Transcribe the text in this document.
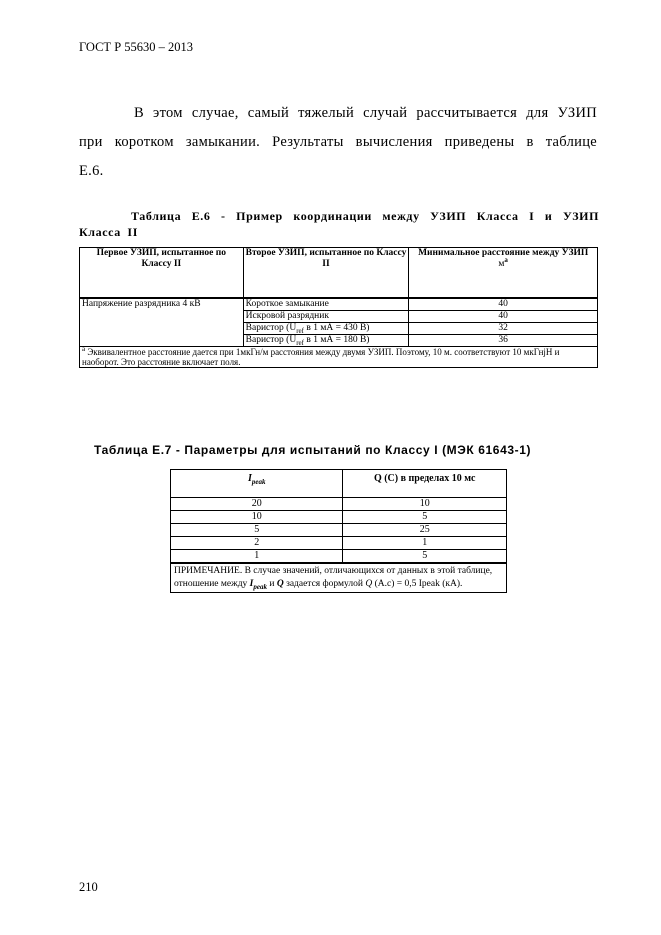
ГОСТ Р 55630 – 2013
В этом случае, самый тяжелый случай рассчитывается для УЗИП при коротком замыкании. Результаты вычисления приведены в таблице Е.6.
Таблица Е.6 - Пример координации между УЗИП Класса I и УЗИП Класса II
Первое УЗИП, испытанное по Классу II	Второе УЗИП, испытанное по Классу II	Минимальное расстояние между УЗИП
$м^a$
Напряжение разрядника 4 кВ	Короткое замыкание	40
	Искровой разрядник	40
	Варистор ($U_{ref}$ в 1 мА = 430 В)	32
	Варистор ($U_{ref}$ в 1 мА = 180 В)	36
$^a$ Эквивалентное расстояние дается при 1мкГн/м расстояния между двумя УЗИП. Поэтому, 10 м. соответствуют 10 мкГнјН и наоборот. Это расстояние включает поля.		
Таблица Е.7 - Параметры для испытаний по Классу I (МЭК 61643-1)
$I_{peak}$	Q (C) в пределах 10 мс
20	10
10	5
5	25
2	1
1	5
ПРИМЕЧАНИЕ. В случае значений, отличающихся от данных в этой таблице, отношение между $I_{peak}$ и Q задается формулой Q (А.с) = 0,5 Ipeak (кА).	
210
